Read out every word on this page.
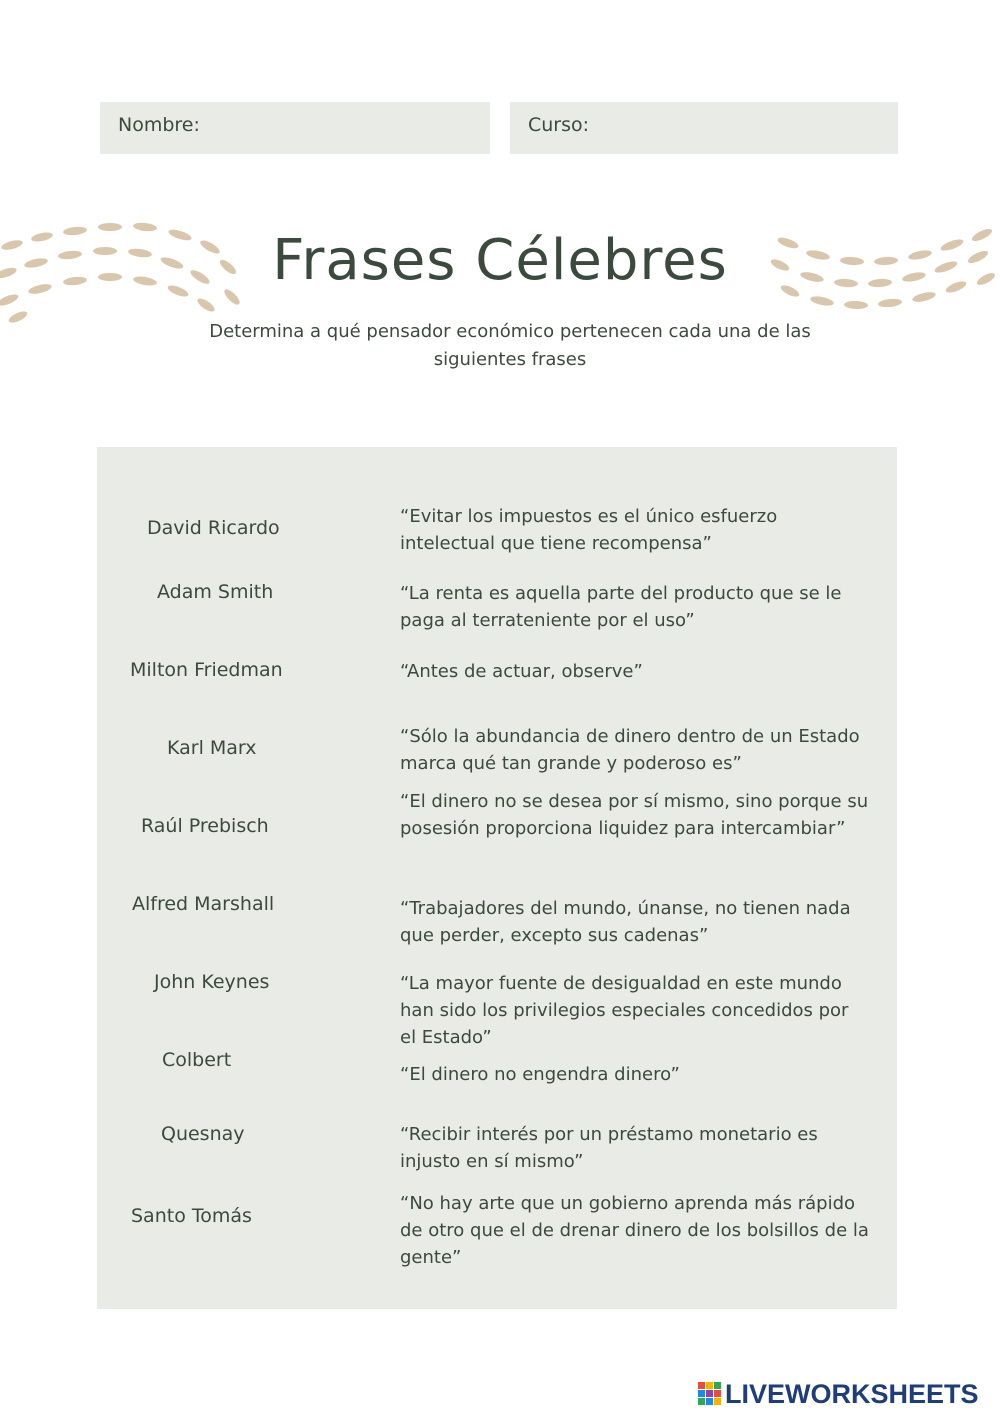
Nombre:	Curso:
Frases Célebres
Determina a qué pensador económico pertenecen cada una de las siguientes frases
David Ricardo
Adam Smith
Milton Friedman
Karl Marx
Raúl Prebisch
Alfred Marshall
John Keynes
Colbert
Quesnay
Santo Tomás
“Evitar los impuestos es el único esfuerzo intelectual que tiene recompensa”
“La renta es aquella parte del producto que se le paga al terrateniente por el uso”
“Antes de actuar, observe”
“Sólo la abundancia de dinero dentro de un Estado marca qué tan grande y poderoso es”
“El dinero no se desea por sí mismo, sino porque su posesión proporciona liquidez para intercambiar”
“Trabajadores del mundo, únanse, no tienen nada que perder, excepto sus cadenas”
“La mayor fuente de desigualdad en este mundo han sido los privilegios especiales concedidos por el Estado”
“El dinero no engendra dinero”
“Recibir interés por un préstamo monetario es injusto en sí mismo”
“No hay arte que un gobierno aprenda más rápido de otro que el de drenar dinero de los bolsillos de la gente”
LIVEWORKSHEETS
